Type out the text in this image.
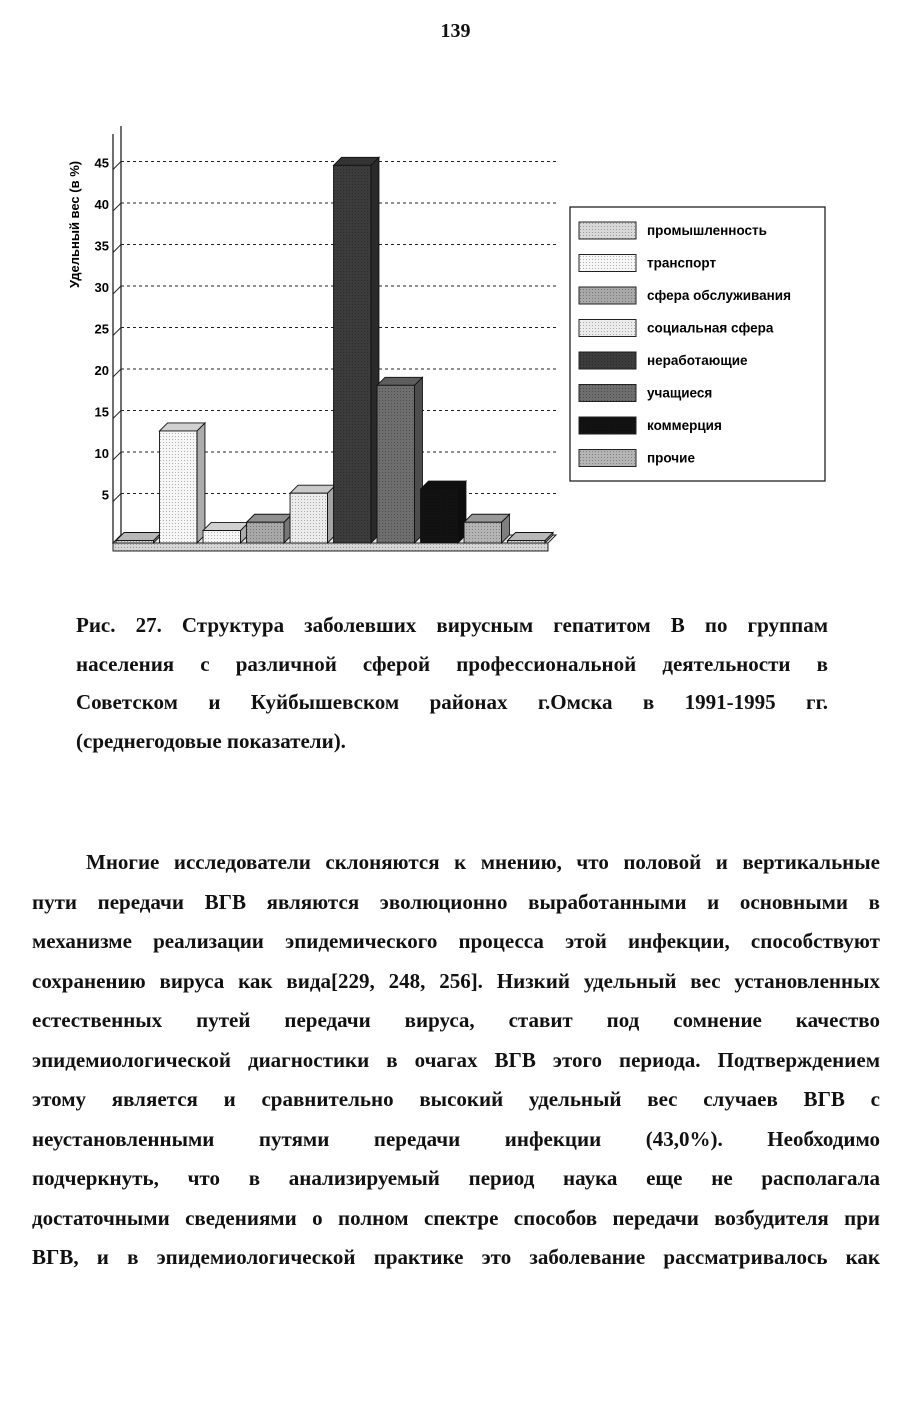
139
5
10
15
20
25
30
35
40
45
Удельный вес (в %)	промышленность
транспорт
сфера обслуживания
социальная сфера
неработающие
учащиеся
коммерция
прочие
Рис. 27. Структура заболевших вирусным гепатитом В по группам
населения с различной сферой профессиональной деятельности в
Советском и Куйбышевском районах г.Омска в 1991-1995 гг.
(среднегодовые показатели).
Многие исследователи склоняются к мнению, что половой и вертикальные
пути передачи ВГВ являются эволюционно выработанными и основными в
механизме реализации эпидемического процесса этой инфекции, способствуют
сохранению вируса как вида[229, 248, 256]. Низкий удельный вес установленных
естественных путей передачи вируса, ставит под сомнение качество
эпидемиологической диагностики в очагах ВГВ этого периода. Подтверждением
этому является и сравнительно высокий удельный вес случаев ВГВ с
неустановленными путями передачи инфекции (43,0%). Необходимо
подчеркнуть, что в анализируемый период наука еще не располагала
достаточными сведениями о полном спектре способов передачи возбудителя при
ВГВ, и в эпидемиологической практике это заболевание рассматривалось как
